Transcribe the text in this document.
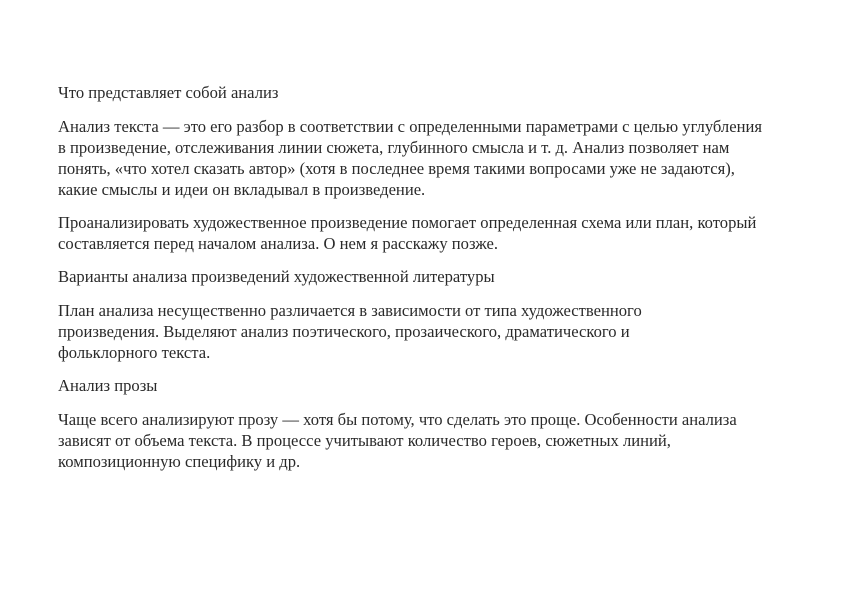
Что представляет собой анализ
Анализ текста — это его разбор в соответствии с определенными параметрами с целью углубления в произведение, отслеживания линии сюжета, глубинного смысла и т. д. Анализ позволяет нам понять, «что хотел сказать автор» (хотя в последнее время такими вопросами уже не задаются), какие смыслы и идеи он вкладывал в произведение.
Проанализировать художественное произведение помогает определенная схема или план, который составляется перед началом анализа. О нем я расскажу позже.
Варианты анализа произведений художественной литературы
План анализа несущественно различается в зависимости от типа художественного произведения. Выделяют анализ поэтического, прозаического, драматического и фольклорного текста.
Анализ прозы
Чаще всего анализируют прозу — хотя бы потому, что сделать это проще. Особенности анализа зависят от объема текста. В процессе учитывают количество героев, сюжетных линий, композиционную специфику и др.
